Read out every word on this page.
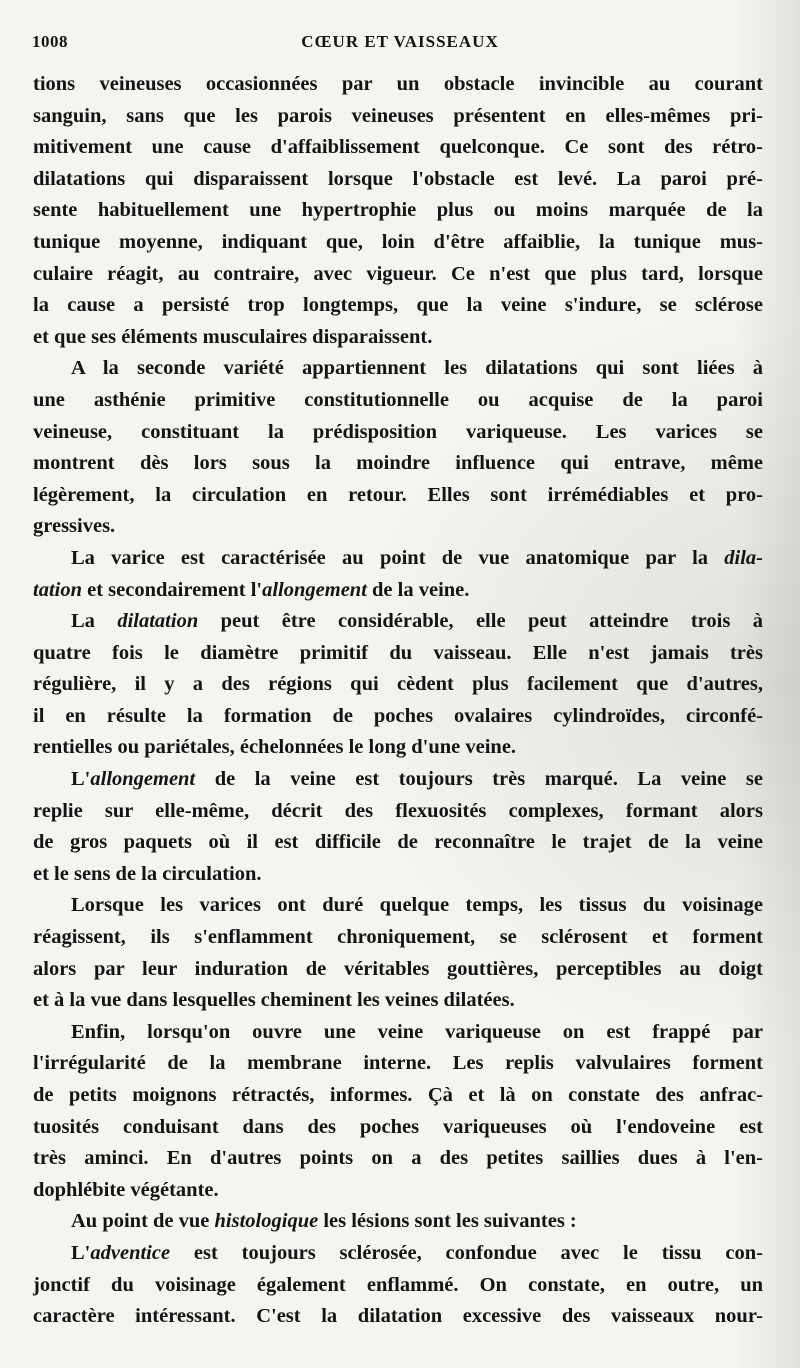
1008	CŒUR ET VAISSEAUX
tions veineuses occasionnées par un obstacle invincible au courant
sanguin, sans que les parois veineuses présentent en elles-mêmes pri-
mitivement une cause d'affaiblissement quelconque. Ce sont des rétro-
dilatations qui disparaissent lorsque l'obstacle est levé. La paroi pré-
sente habituellement une hypertrophie plus ou moins marquée de la
tunique moyenne, indiquant que, loin d'être affaiblie, la tunique mus-
culaire réagit, au contraire, avec vigueur. Ce n'est que plus tard, lorsque
la cause a persisté trop longtemps, que la veine s'indure, se sclérose
et que ses éléments musculaires disparaissent.
A la seconde variété appartiennent les dilatations qui sont liées à
une asthénie primitive constitutionnelle ou acquise de la paroi
veineuse, constituant la prédisposition variqueuse. Les varices se
montrent dès lors sous la moindre influence qui entrave, même
légèrement, la circulation en retour. Elles sont irrémédiables et pro-
gressives.
La varice est caractérisée au point de vue anatomique par la dila-
tation et secondairement l'allongement de la veine.
La dilatation peut être considérable, elle peut atteindre trois à
quatre fois le diamètre primitif du vaisseau. Elle n'est jamais très
régulière, il y a des régions qui cèdent plus facilement que d'autres,
il en résulte la formation de poches ovalaires cylindroïdes, circonfé-
rentielles ou pariétales, échelonnées le long d'une veine.
L'allongement de la veine est toujours très marqué. La veine se
replie sur elle-même, décrit des flexuosités complexes, formant alors
de gros paquets où il est difficile de reconnaître le trajet de la veine
et le sens de la circulation.
Lorsque les varices ont duré quelque temps, les tissus du voisinage
réagissent, ils s'enflamment chroniquement, se sclérosent et forment
alors par leur induration de véritables gouttières, perceptibles au doigt
et à la vue dans lesquelles cheminent les veines dilatées.
Enfin, lorsqu'on ouvre une veine variqueuse on est frappé par
l'irrégularité de la membrane interne. Les replis valvulaires forment
de petits moignons rétractés, informes. Çà et là on constate des anfrac-
tuosités conduisant dans des poches variqueuses où l'endoveine est
très aminci. En d'autres points on a des petites saillies dues à l'en-
dophlébite végétante.
Au point de vue histologique les lésions sont les suivantes :
L'adventice est toujours sclérosée, confondue avec le tissu con-
jonctif du voisinage également enflammé. On constate, en outre, un
caractère intéressant. C'est la dilatation excessive des vaisseaux nour-
